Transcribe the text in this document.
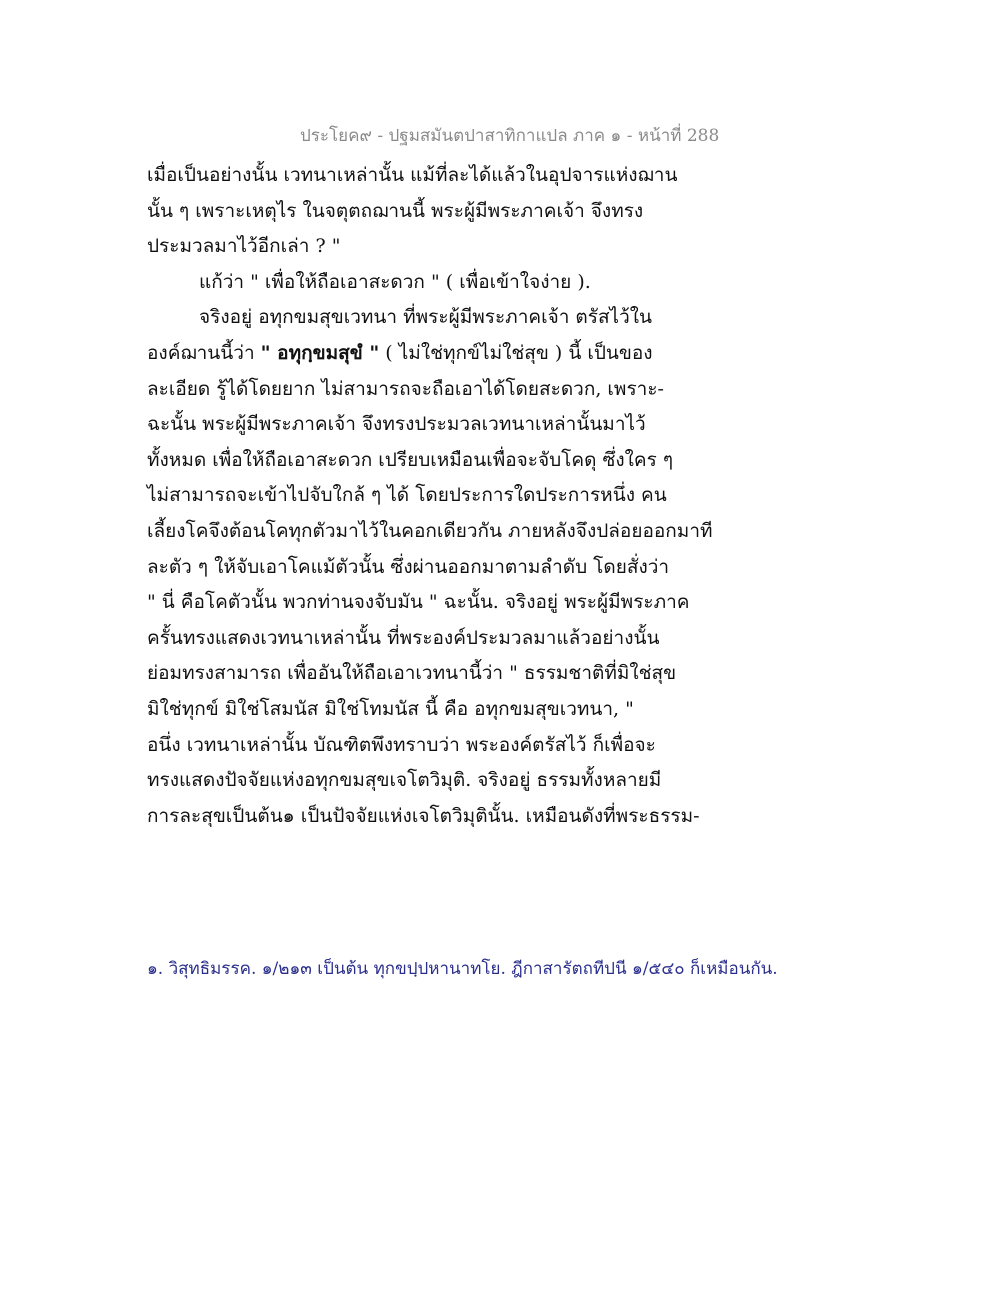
ประโยค๙ - ปฐมสมันตปาสาทิกาแปล ภาค ๑ - หน้าที่ 288
เมื่อเป็นอย่างนั้น เวทนาเหล่านั้น แม้ที่ละได้แล้วในอุปจารแห่งฌาน
นั้น ๆ เพราะเหตุไร ในจตุตถฌานนี้ พระผู้มีพระภาคเจ้า จึงทรง
ประมวลมาไว้อีกเล่า ? "
แก้ว่า " เพื่อให้ถือเอาสะดวก " ( เพื่อเข้าใจง่าย ).
จริงอยู่ อทุกขมสุขเวทนา ที่พระผู้มีพระภาคเจ้า ตรัสไว้ใน
องค์ฌานนี้ว่า " อทุกฺขมสุขํ " ( ไม่ใช่ทุกข์ไม่ใช่สุข ) นี้ เป็นของ
ละเอียด รู้ได้โดยยาก ไม่สามารถจะถือเอาได้โดยสะดวก, เพราะ-
ฉะนั้น พระผู้มีพระภาคเจ้า จึงทรงประมวลเวทนาเหล่านั้นมาไว้
ทั้งหมด เพื่อให้ถือเอาสะดวก เปรียบเหมือนเพื่อจะจับโคดุ ซึ่งใคร ๆ
ไม่สามารถจะเข้าไปจับใกล้ ๆ ได้ โดยประการใดประการหนึ่ง คน
เลี้ยงโคจึงต้อนโคทุกตัวมาไว้ในคอกเดียวกัน ภายหลังจึงปล่อยออกมาที
ละตัว ๆ ให้จับเอาโคแม้ตัวนั้น ซึ่งผ่านออกมาตามลำดับ โดยสั่งว่า
" นี่ คือโคตัวนั้น พวกท่านจงจับมัน " ฉะนั้น. จริงอยู่ พระผู้มีพระภาค
ครั้นทรงแสดงเวทนาเหล่านั้น ที่พระองค์ประมวลมาแล้วอย่างนั้น
ย่อมทรงสามารถ เพื่ออันให้ถือเอาเวทนานี้ว่า " ธรรมชาติที่มิใช่สุข
มิใช่ทุกข์ มิใช่โสมนัส มิใช่โทมนัส นี้ คือ อทุกขมสุขเวทนา, "
อนึ่ง เวทนาเหล่านั้น บัณฑิตพึงทราบว่า พระองค์ตรัสไว้ ก็เพื่อจะ
ทรงแสดงปัจจัยแห่งอทุกขมสุขเจโตวิมุติ. จริงอยู่ ธรรมทั้งหลายมี
การละสุขเป็นต้น๑ เป็นปัจจัยแห่งเจโตวิมุตินั้น. เหมือนดังที่พระธรรม-
๑. วิสุทธิมรรค. ๑/๒๑๓ เป็นต้น ทุกขปฺปหานาทโย. ฎีกาสารัตถทีปนี ๑/๕๔๐ ก็เหมือนกัน.
